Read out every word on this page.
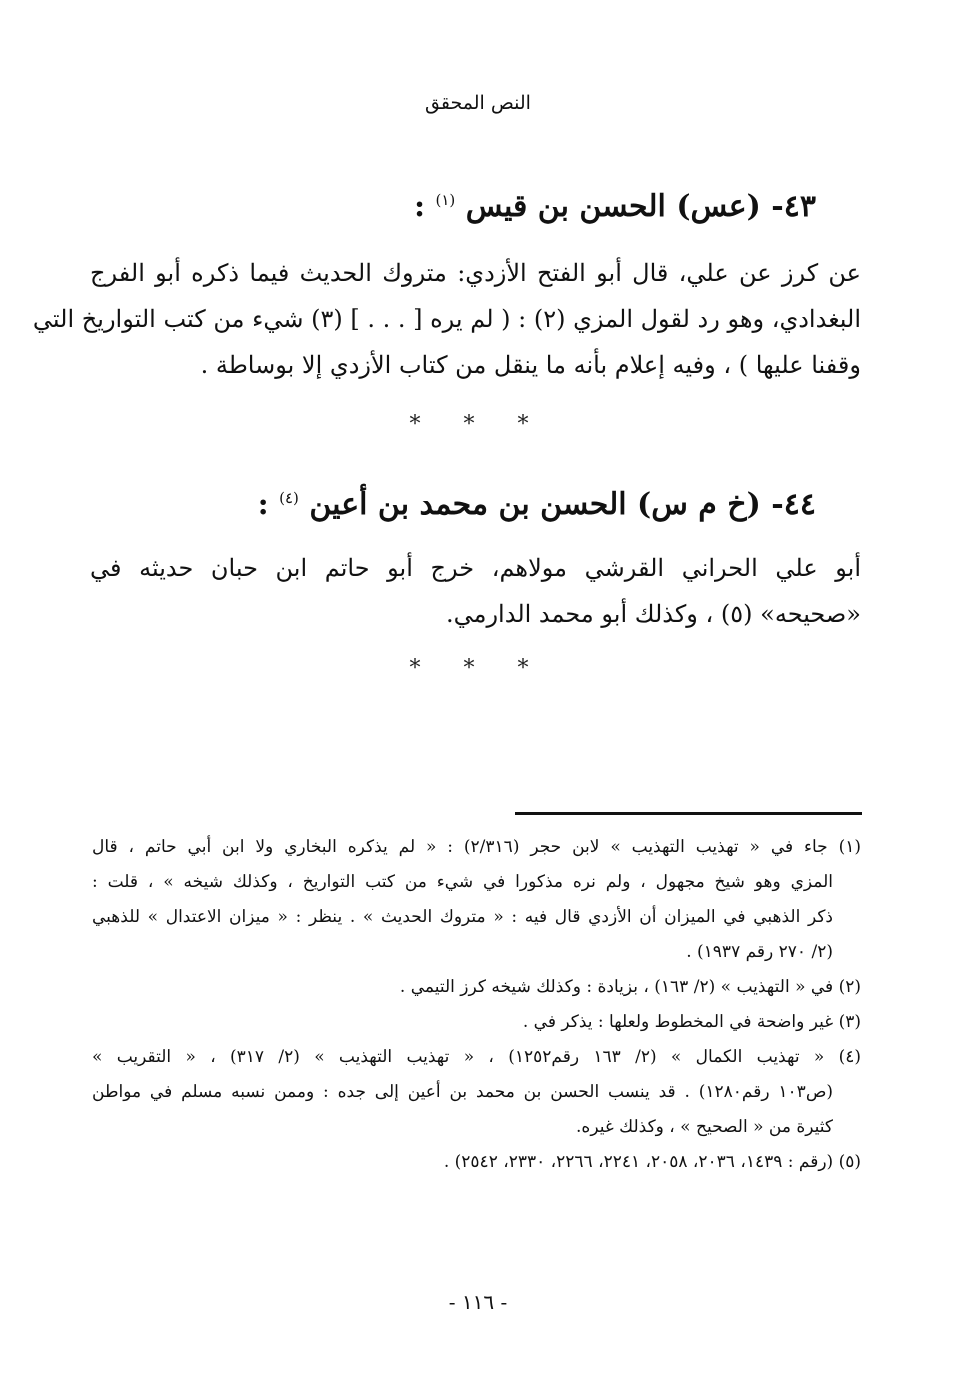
النص المحقق
٤٣- (عس) الحسن بن قيس $^{(١)}$ :
عن كرز عن علي، قال أبو الفتح الأزدي: متروك الحديث فيما ذكره أبو الفرج
البغدادي، وهو رد لقول المزي (٢) : ( لم يره [ . . . ] (٣) شيء من كتب التواريخ التي
وقفنا عليها ) ، وفيه إعلام بأنه ما ينقل من كتاب الأزدي إلا بوساطة .
* * *
٤٤- (خ م س) الحسن بن محمد بن أعين $^{(٤)}$ :
أبو علي الحراني القرشي مولاهم، خرج أبو حاتم ابن حبان حديثه في
«صحيحه» (٥) ، وكذلك أبو محمد الدارمي.
* * *
(١) جاء في « تهذيب التهذيب » لابن حجر (٢/٣١٦) : « لم يذكره البخاري ولا ابن أبي حاتم ، قال
المزي وهو شيخ مجهول ، ولم نره مذكورا في شيء من كتب التواريخ ، وكذلك شيخه » ، قلت :
ذكر الذهبي في الميزان أن الأزدي قال فيه : « متروك الحديث » . ينظر : « ميزان الاعتدال » للذهبي
(٢/ ٢٧٠ رقم ١٩٣٧) .
(٢) في « التهذيب » (٢/ ١٦٣) ، بزيادة : وكذلك شيخه كرز التيمي .
(٣) غير واضحة في المخطوط ولعلها : يذكر في .
(٤) « تهذيب الكمال » (٢/ ١٦٣ رقم١٢٥٢) ، « تهذيب التهذيب » (٢/ ٣١٧) ، « التقريب »
(ص١٠٣ رقم١٢٨٠) . قد ينسب الحسن بن محمد بن أعين إلى جده : وممن نسبه مسلم في مواطن
كثيرة من « الصحيح » ، وكذلك غيره.
(٥) (رقم : ١٤٣٩، ٢٠٣٦، ٢٠٥٨، ٢٢٤١، ٢٢٦٦، ٢٣٣٠، ٢٥٤٢) .
- ١١٦ -
